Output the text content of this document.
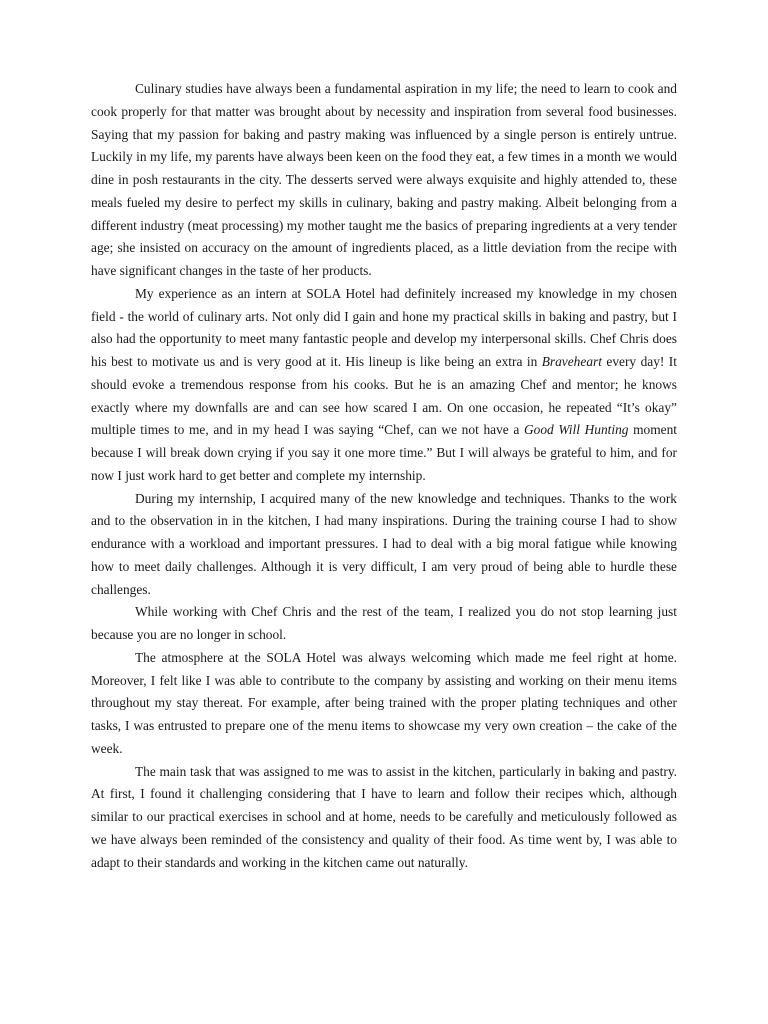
Culinary studies have always been a fundamental aspiration in my life; the need to learn to cook and cook properly for that matter was brought about by necessity and inspiration from several food businesses. Saying that my passion for baking and pastry making was influenced by a single person is entirely untrue. Luckily in my life, my parents have always been keen on the food they eat, a few times in a month we would dine in posh restaurants in the city. The desserts served were always exquisite and highly attended to, these meals fueled my desire to perfect my skills in culinary, baking and pastry making. Albeit belonging from a different industry (meat processing) my mother taught me the basics of preparing ingredients at a very tender age; she insisted on accuracy on the amount of ingredients placed, as a little deviation from the recipe with have significant changes in the taste of her products.

My experience as an intern at SOLA Hotel had definitely increased my knowledge in my chosen field - the world of culinary arts. Not only did I gain and hone my practical skills in baking and pastry, but I also had the opportunity to meet many fantastic people and develop my interpersonal skills. Chef Chris does his best to motivate us and is very good at it. His lineup is like being an extra in Braveheart every day! It should evoke a tremendous response from his cooks. But he is an amazing Chef and mentor; he knows exactly where my downfalls are and can see how scared I am. On one occasion, he repeated “It’s okay” multiple times to me, and in my head I was saying “Chef, can we not have a Good Will Hunting moment because I will break down crying if you say it one more time.” But I will always be grateful to him, and for now I just work hard to get better and complete my internship.

During my internship, I acquired many of the new knowledge and techniques. Thanks to the work and to the observation in in the kitchen, I had many inspirations. During the training course I had to show endurance with a workload and important pressures. I had to deal with a big moral fatigue while knowing how to meet daily challenges. Although it is very difficult, I am very proud of being able to hurdle these challenges.

While working with Chef Chris and the rest of the team, I realized you do not stop learning just because you are no longer in school.

The atmosphere at the SOLA Hotel was always welcoming which made me feel right at home. Moreover, I felt like I was able to contribute to the company by assisting and working on their menu items throughout my stay thereat. For example, after being trained with the proper plating techniques and other tasks, I was entrusted to prepare one of the menu items to showcase my very own creation – the cake of the week.

The main task that was assigned to me was to assist in the kitchen, particularly in baking and pastry. At first, I found it challenging considering that I have to learn and follow their recipes which, although similar to our practical exercises in school and at home, needs to be carefully and meticulously followed as we have always been reminded of the consistency and quality of their food. As time went by, I was able to adapt to their standards and working in the kitchen came out naturally.
